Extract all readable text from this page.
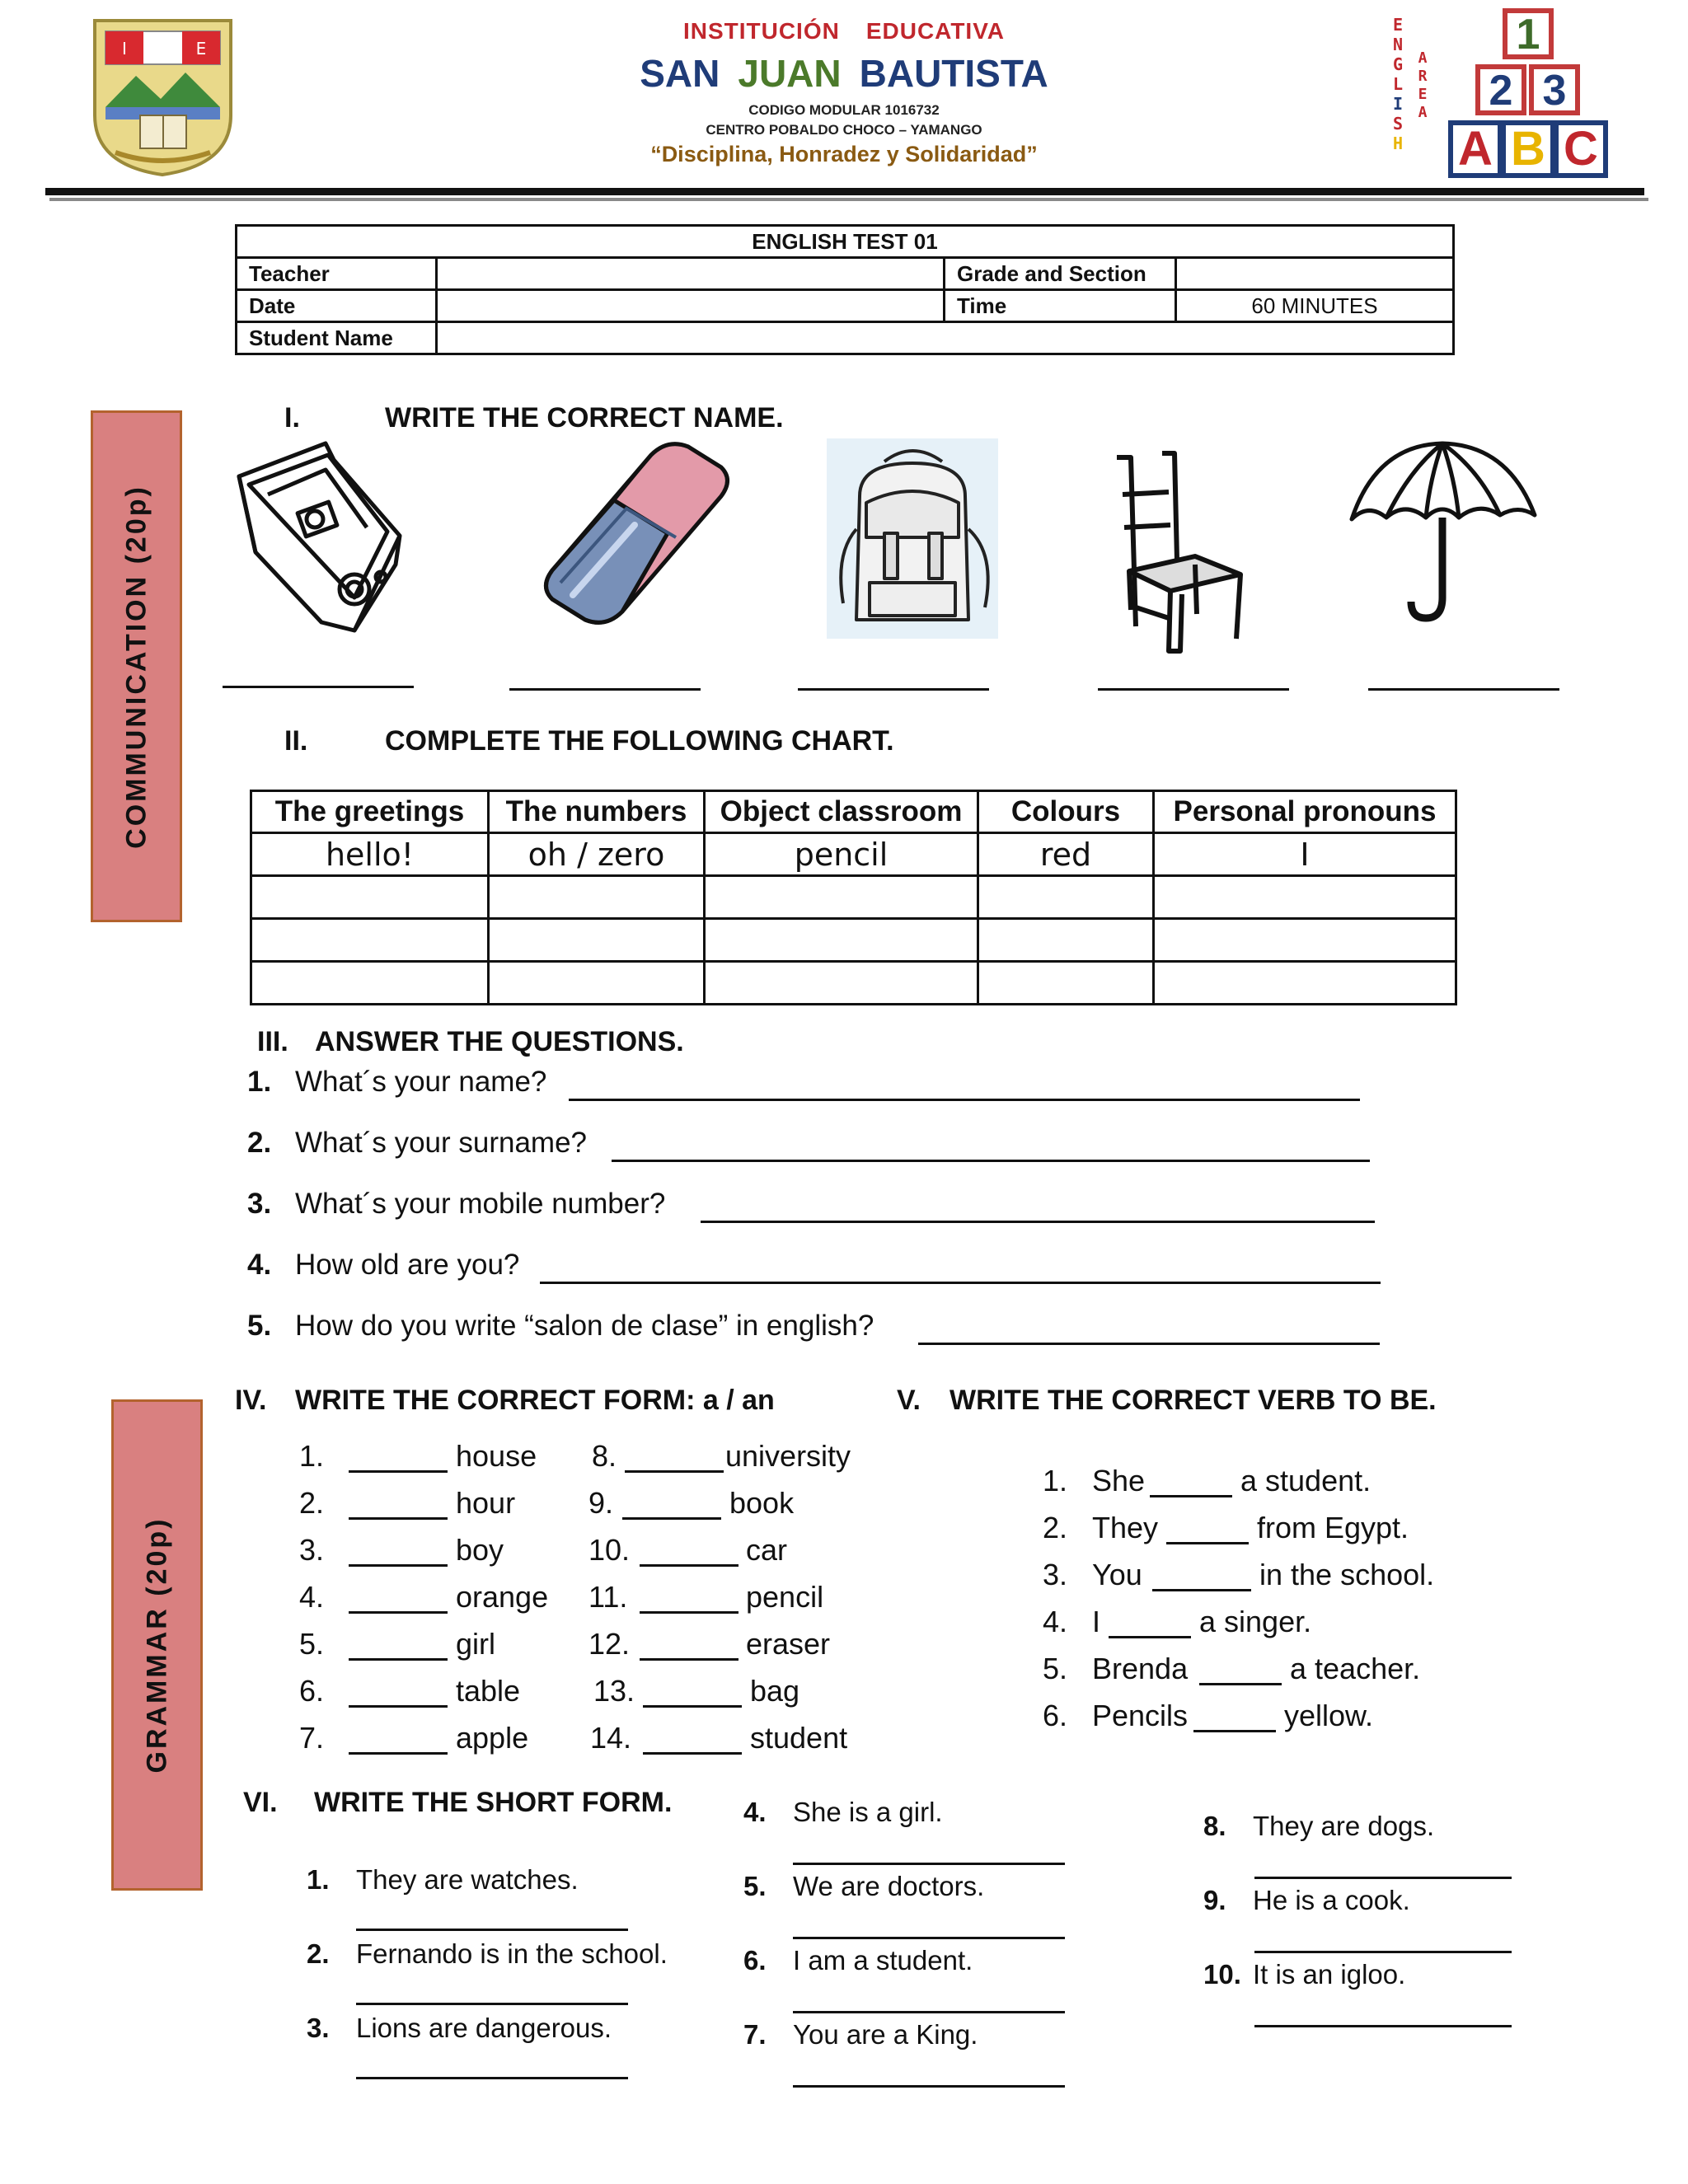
I	E
INSTITUCIÓN EDUCATIVA
SAN JUAN BAUTISTA
CODIGO MODULAR 1016732
CENTRO POBALDO CHOCO – YAMANGO
“Disciplina, Honradez y Solidaridad”
E
N
G
L
I
S
H
A
R
E
A
1
2 3
A B C
ENGLISH TEST 01			
Teacher		Grade and Section	
Date		Time	60 MINUTES
Student Name			
COMMUNICATION (20p)
GRAMMAR (20p)
I.	WRITE THE CORRECT NAME.
II.	COMPLETE THE FOLLOWING CHART.
The greetings	The numbers	Object classroom	Colours	Personal pronouns
hello!	oh / zero	pencil	red	I

III. ANSWER THE QUESTIONS.
1. What´s your name?
2. What´s your surname?
3. What´s your mobile number?
4. How old are you?
5. How do you write “salon de clase” in english?
IV. WRITE THE CORRECT FORM: a / an
1.	house
2.	hour
3.	boy
4.	orange
5.	girl
6.	table
7.	apple
8.	university
9.	book
10.	car
11.	pencil
12.	eraser
13.	bag
14.	student
V. WRITE THE CORRECT VERB TO BE.
1. She	a student.
2. They	from Egypt.
3. You	in the school.
4. I	a singer.
5. Brenda	a teacher.
6. Pencils	yellow.
VI. WRITE THE SHORT FORM.
1. They are watches.
2. Fernando is in the school.
3. Lions are dangerous.
4. She is a girl.
5. We are doctors.
6. I am a student.
7. You are a King.
8. They are dogs.
9. He is a cook.
10. It is an igloo.
